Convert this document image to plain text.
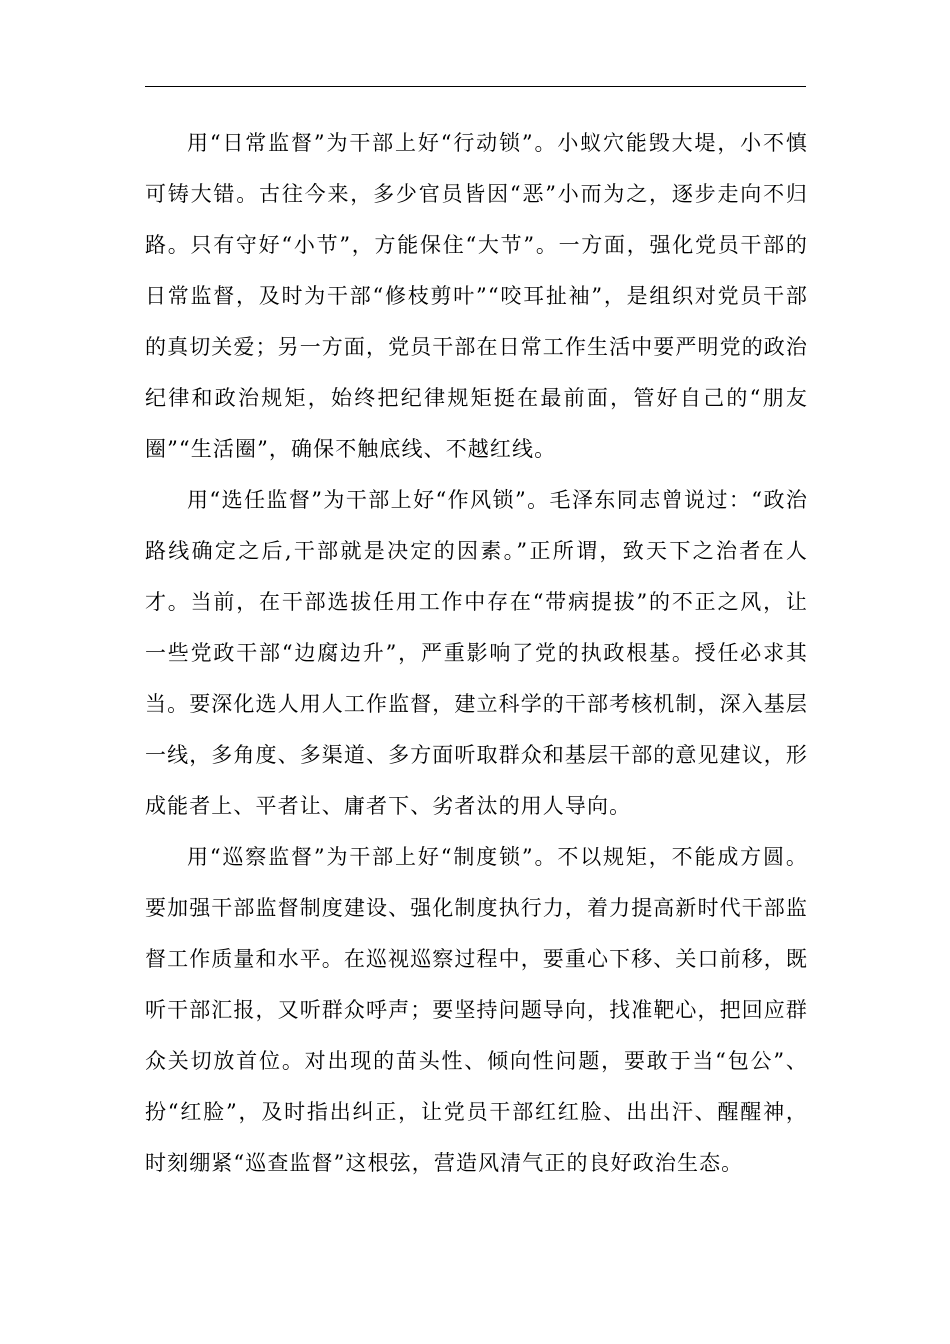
用“日常监督”为干部上好“行动锁”。小蚁穴能毁大堤，小不慎可铸大错。古往今来，多少官员皆因“恶”小而为之，逐步走向不归路。只有守好“小节”，方能保住“大节”。一方面，强化党员干部的日常监督，及时为干部“修枝剪叶”“咬耳扯袖”，是组织对党员干部的真切关爱；另一方面，党员干部在日常工作生活中要严明党的政治纪律和政治规矩，始终把纪律规矩挺在最前面，管好自己的“朋友圈”“生活圈”，确保不触底线、不越红线。

用“选任监督”为干部上好“作风锁”。毛泽东同志曾说过：“政治路线确定之后,干部就是决定的因素。”正所谓，致天下之治者在人才。当前，在干部选拔任用工作中存在“带病提拔”的不正之风，让一些党政干部“边腐边升”，严重影响了党的执政根基。授任必求其当。要深化选人用人工作监督，建立科学的干部考核机制，深入基层一线，多角度、多渠道、多方面听取群众和基层干部的意见建议，形成能者上、平者让、庸者下、劣者汰的用人导向。

用“巡察监督”为干部上好“制度锁”。不以规矩，不能成方圆。要加强干部监督制度建设、强化制度执行力，着力提高新时代干部监督工作质量和水平。在巡视巡察过程中，要重心下移、关口前移，既听干部汇报，又听群众呼声；要坚持问题导向，找准靶心，把回应群众关切放首位。对出现的苗头性、倾向性问题，要敢于当“包公”、扮“红脸”，及时指出纠正，让党员干部红红脸、出出汗、醒醒神，时刻绷紧“巡查监督”这根弦，营造风清气正的良好政治生态。
